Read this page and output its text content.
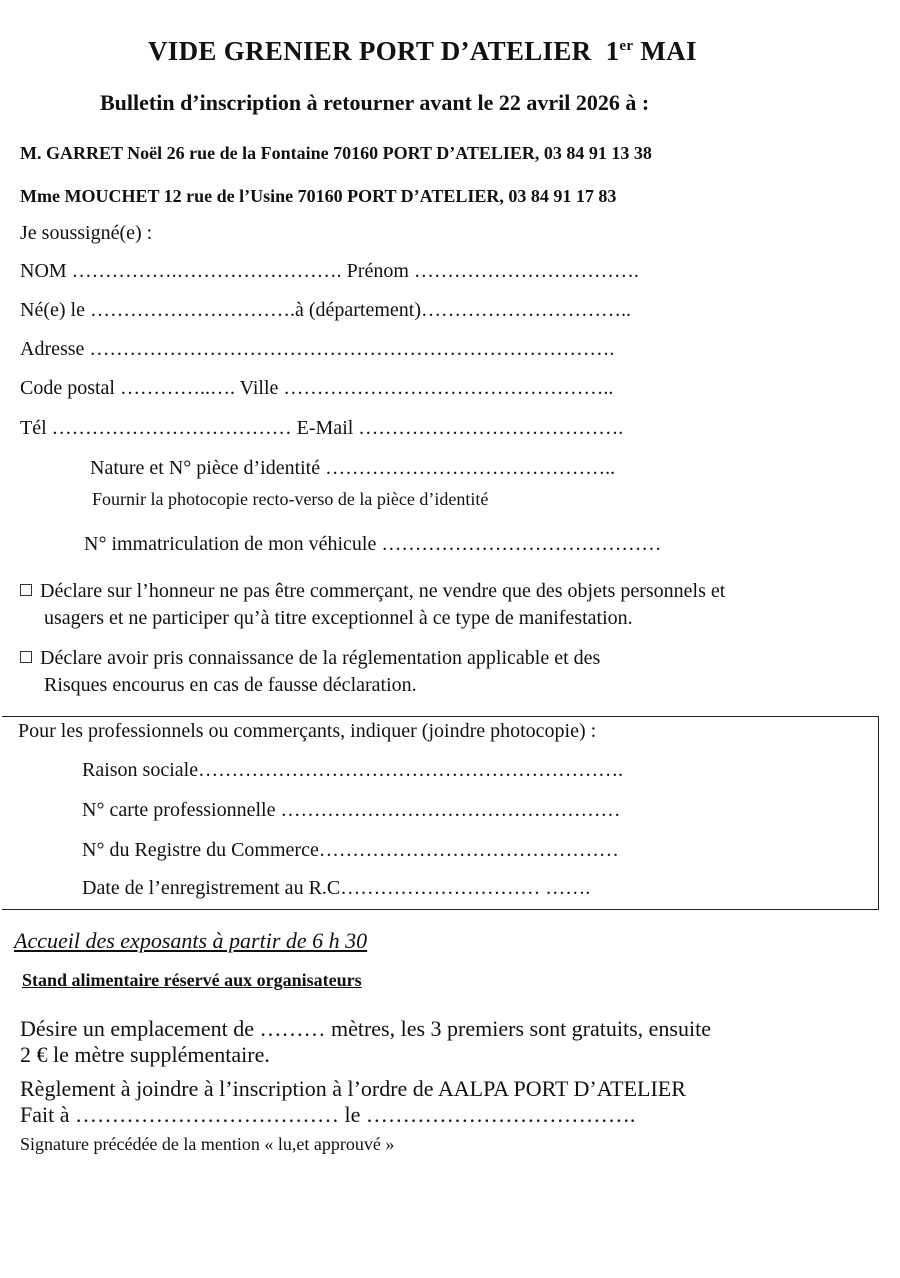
VIDE GRENIER PORT D’ATELIER 1er MAI
Bulletin d’inscription à retourner avant le 22 avril 2026 à :
M. GARRET Noël 26 rue de la Fontaine 70160 PORT D’ATELIER, 03 84 91 13 38
Mme MOUCHET 12 rue de l’Usine 70160 PORT D’ATELIER, 03 84 91 17 83
Je soussigné(e) :
NOM …………….……………………. Prénom …………………………….
Né(e) le ………………………….à (département)…………………………..
Adresse …………………………………………………………………….
Code postal …………..…. Ville …………………………………………..
Tél ……………………………… E-Mail ………………………………….
Nature et N° pièce d’identité ……………………………………..
Fournir la photocopie recto-verso de la pièce d’identité
N° immatriculation de mon véhicule ……………………………………
Déclare sur l’honneur ne pas être commerçant, ne vendre que des objets personnels et
usagers et ne participer qu’à titre exceptionnel à ce type de manifestation.
Déclare avoir pris connaissance de la réglementation applicable et des
Risques encourus en cas de fausse déclaration.
Pour les professionnels ou commerçants, indiquer (joindre photocopie) :
Raison sociale……………………………………………………….
N° carte professionnelle ……………………………………………
N° du Registre du Commerce………………………………………
Date de l’enregistrement au R.C………………………… …….
Accueil des exposants à partir de 6 h 30
Stand alimentaire réservé aux organisateurs
Désire un emplacement de ……… mètres, les 3 premiers sont gratuits, ensuite
2 € le mètre supplémentaire.
Règlement à joindre à l’inscription à l’ordre de AALPA PORT D’ATELIER
Fait à ……………………………… le ……………………………….
Signature précédée de la mention « lu,et approuvé »
